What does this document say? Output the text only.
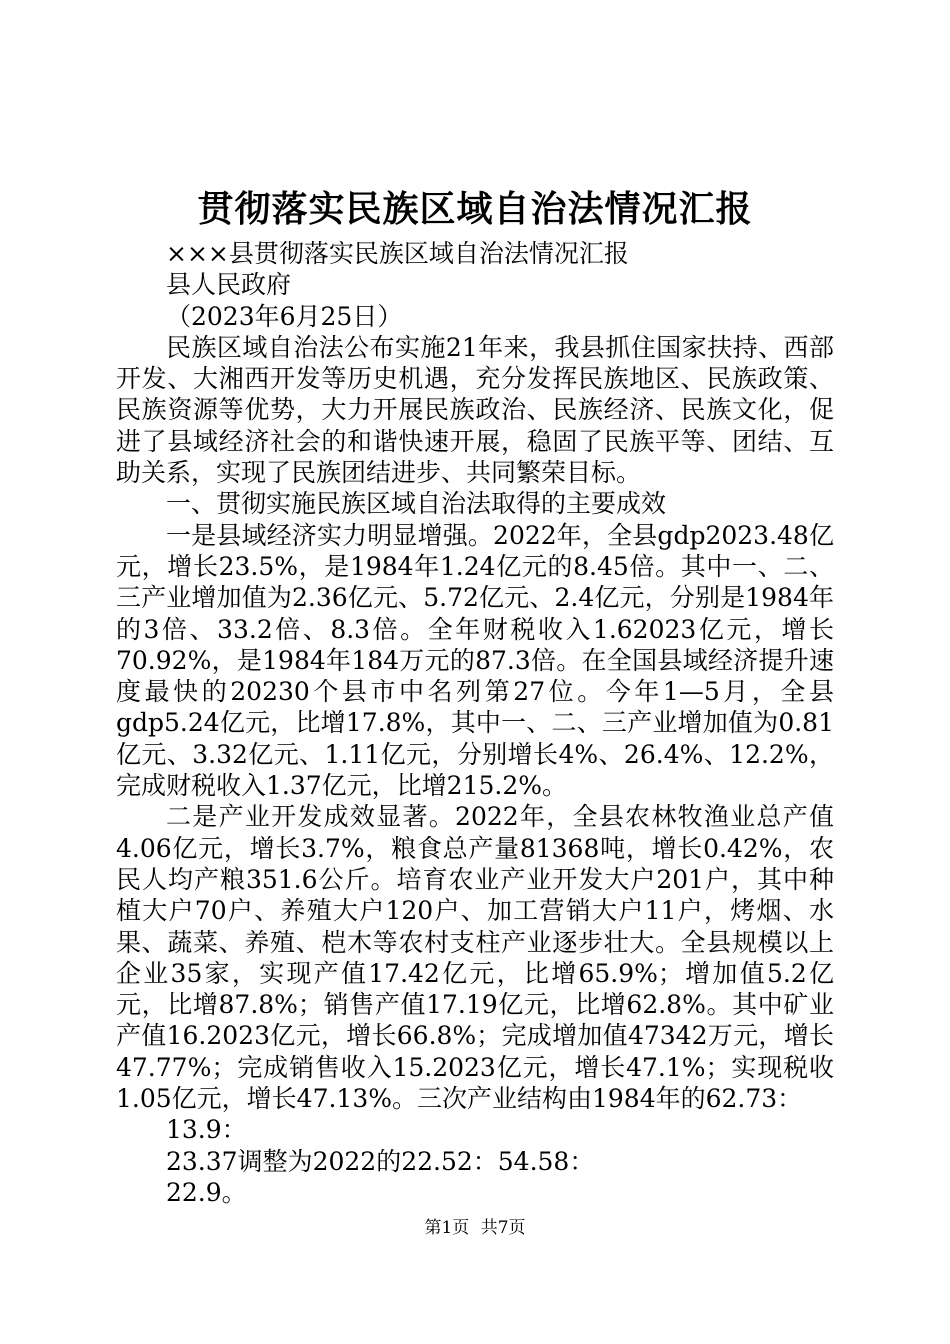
贯彻落实民族区域自治法情况汇报

×××县贯彻落实民族区域自治法情况汇报

县人民政府

（2023年6月25日）

民族区域自治法公布实施21年来，我县抓住国家扶持、西部开发、大湘西开发等历史机遇，充分发挥民族地区、民族政策、民族资源等优势，大力开展民族政治、民族经济、民族文化，促进了县域经济社会的和谐快速开展，稳固了民族平等、团结、互助关系，实现了民族团结进步、共同繁荣目标。

一、贯彻实施民族区域自治法取得的主要成效

一是县域经济实力明显增强。2022年，全县gdp2023.48亿元，增长23.5%，是1984年1.24亿元的8.45倍。其中一、二、三产业增加值为2.36亿元、5.72亿元、2.4亿元，分别是1984年的3倍、33.2倍、8.3倍。全年财税收入1.62023亿元，增长70.92%，是1984年184万元的87.3倍。在全国县域经济提升速度最快的20230个县市中名列第27位。今年1—5月，全县gdp5.24亿元，比增17.8%，其中一、二、三产业增加值为0.81亿元、3.32亿元、1.11亿元，分别增长4%、26.4%、12.2%，完成财税收入1.37亿元，比增215.2%。

二是产业开发成效显著。2022年，全县农林牧渔业总产值4.06亿元，增长3.7%，粮食总产量81368吨，增长0.42%，农民人均产粮351.6公斤。培育农业产业开发大户201户，其中种植大户70户、养殖大户120户、加工营销大户11户，烤烟、水果、蔬菜、养殖、桤木等农村支柱产业逐步壮大。全县规模以上企业35家，实现产值17.42亿元，比增65.9%；增加值5.2亿元，比增87.8%；销售产值17.19亿元，比增62.8%。其中矿业产值16.2023亿元，增长66.8%；完成增加值47342万元，增长47.77%；完成销售收入15.2023亿元，增长47.1%；实现税收1.05亿元，增长47.13%。三次产业结构由1984年的62.73：

13.9：

23.37调整为2022的22.52：54.58：

22.9。

第1页 共7页
